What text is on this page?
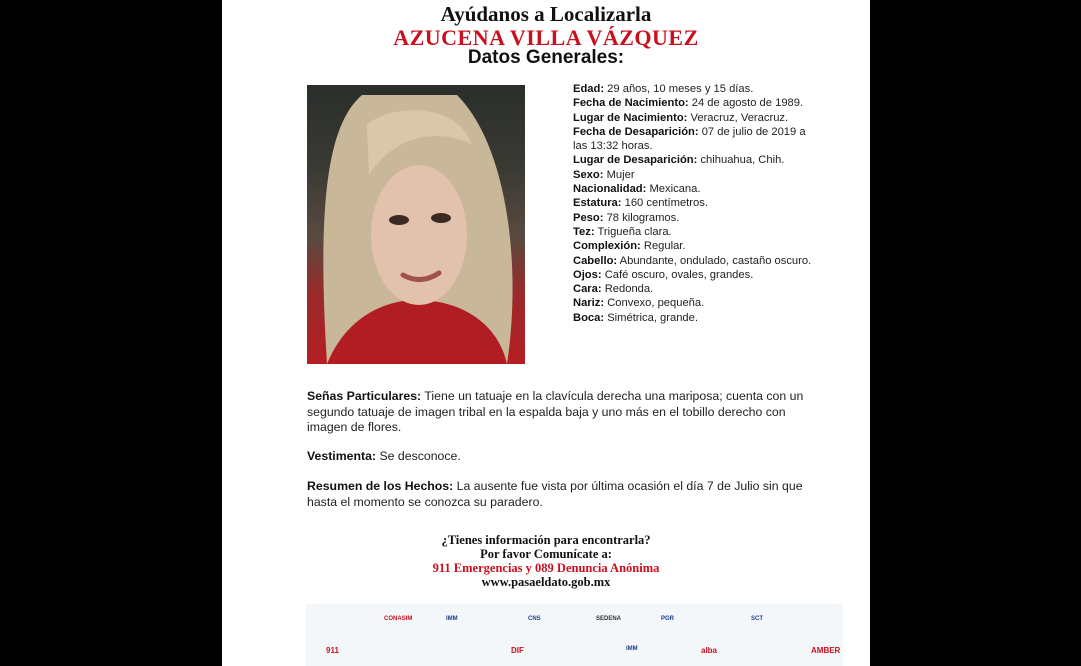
Ayúdanos a Localizarla
AZUCENA VILLA VÁZQUEZ
Datos Generales:
Edad: 29 años, 10 meses y 15 días.
Fecha de Nacimiento: 24 de agosto de 1989.
Lugar de Nacimiento: Veracruz, Veracruz.
Fecha de Desaparición: 07 de julio de 2019 a las 13:32 horas.
Lugar de Desaparición: chihuahua, Chih.
Sexo: Mujer
Nacionalidad: Mexicana.
Estatura: 160 centímetros.
Peso: 78 kilogramos.
Tez: Trigueña clara.
Complexión: Regular.
Cabello: Abundante, ondulado, castaño oscuro.
Ojos: Café oscuro, ovales, grandes.
Cara: Redonda.
Nariz: Convexo, pequeña.
Boca: Simétrica, grande.
Señas Particulares: Tiene un tatuaje en la clavícula derecha una mariposa; cuenta con un segundo tatuaje de imagen tribal en la espalda baja y uno más en el tobillo derecho con imagen de flores.
Vestimenta: Se desconoce.
Resumen de los Hechos: La ausente fue vista por última ocasión el día 7 de Julio sin que hasta el momento se conozca su paradero.
¿Tienes información para encontrarla?
Por favor Comunícate a:
911 Emergencias y 089 Denuncia Anónima
www.pasaeldato.gob.mx
CONASIM	IMM	CNS	SEDENA	PGR	SCT
911	DIF	IMM	alba	AMBER
